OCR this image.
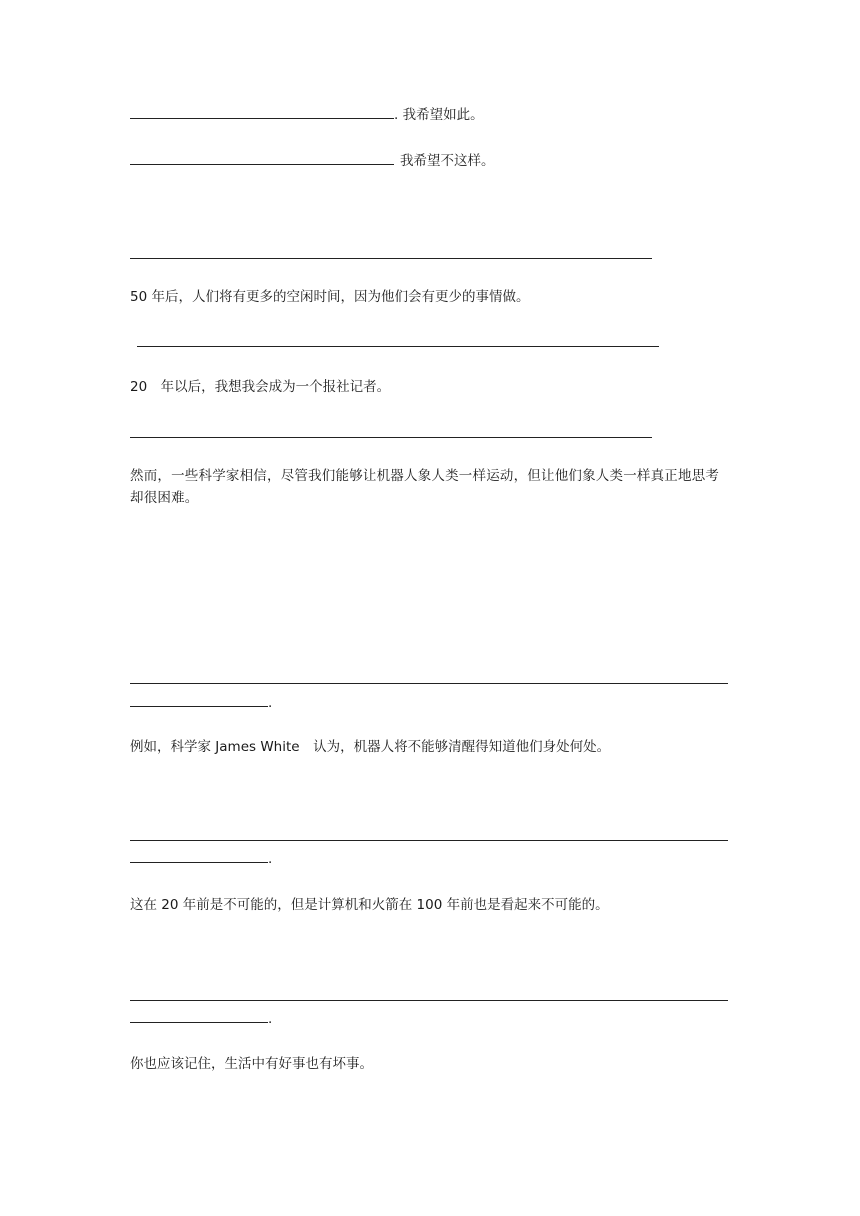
. 我希望如此。
我希望不这样。
50 年后，人们将有更多的空闲时间，因为他们会有更少的事情做。
20　年以后，我想我会成为一个报社记者。
然而，一些科学家相信，尽管我们能够让机器人象人类一样运动，但让他们象人类一样真正地思考却很困难。
.
例如，科学家 James White　认为，机器人将不能够清醒得知道他们身处何处。
.
这在 20 年前是不可能的，但是计算机和火箭在 100 年前也是看起来不可能的。
.
你也应该记住，生活中有好事也有坏事。
